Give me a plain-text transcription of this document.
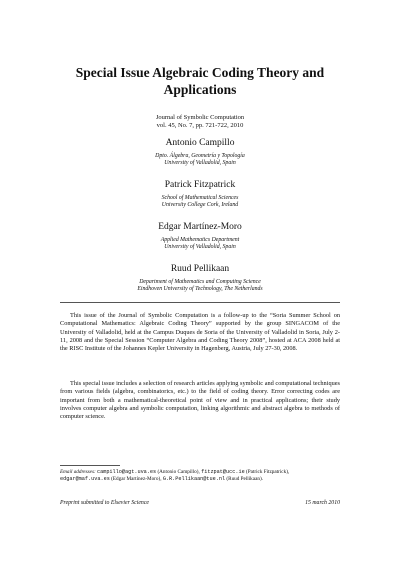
Special Issue Algebraic Coding Theory and
Applications

Journal of Symbolic Computation
vol. 45, No. 7, pp. 721-722, 2010

Antonio Campillo

Dpto. Álgebra, Geometría y Topología
University of Valladolid, Spain

Patrick Fitzpatrick

School of Mathematical Sciences
University College Cork, Ireland

Edgar Martínez-Moro

Applied Mathematics Department
University of Valladolid, Spain

Ruud Pellikaan

Department of Mathematics and Computing Science
Eindhoven University of Technology, The Netherlands

This issue of the Journal of Symbolic Computation is a follow-up to the “Soria Summer School on Computational Mathematics: Algebraic Coding Theory” supported by the group SINGACOM of the University of Valladolid, held at the Campus Duques de Soria of the University of Valladolid in Soria, July 2-11, 2008 and the Special Session “Computer Algebra and Coding Theory 2008”, hosted at ACA 2008 held at the RISC Institute of the Johannes Kepler University in Hagenberg, Austria, July 27-30, 2008.

This special issue includes a selection of research articles applying symbolic and computational techniques from various fields (algebra, combinatorics, etc.) to the field of coding theory. Error correcting codes are important from both a mathematical-theoretical point of view and in practical applications; their study involves computer algebra and symbolic computation, linking algorithmic and abstract algebra to methods of computer science.

Email addresses: campillo@agt.uva.es (Antonio Campillo), fitzpat@ucc.ie (Patrick Fitzpatrick),
edgar@maf.uva.es (Edgar Martínez-Moro), G.R.Pellikaan@tue.nl (Ruud Pellikaan).

Preprint submitted to Elsevier Science	15 march 2010
